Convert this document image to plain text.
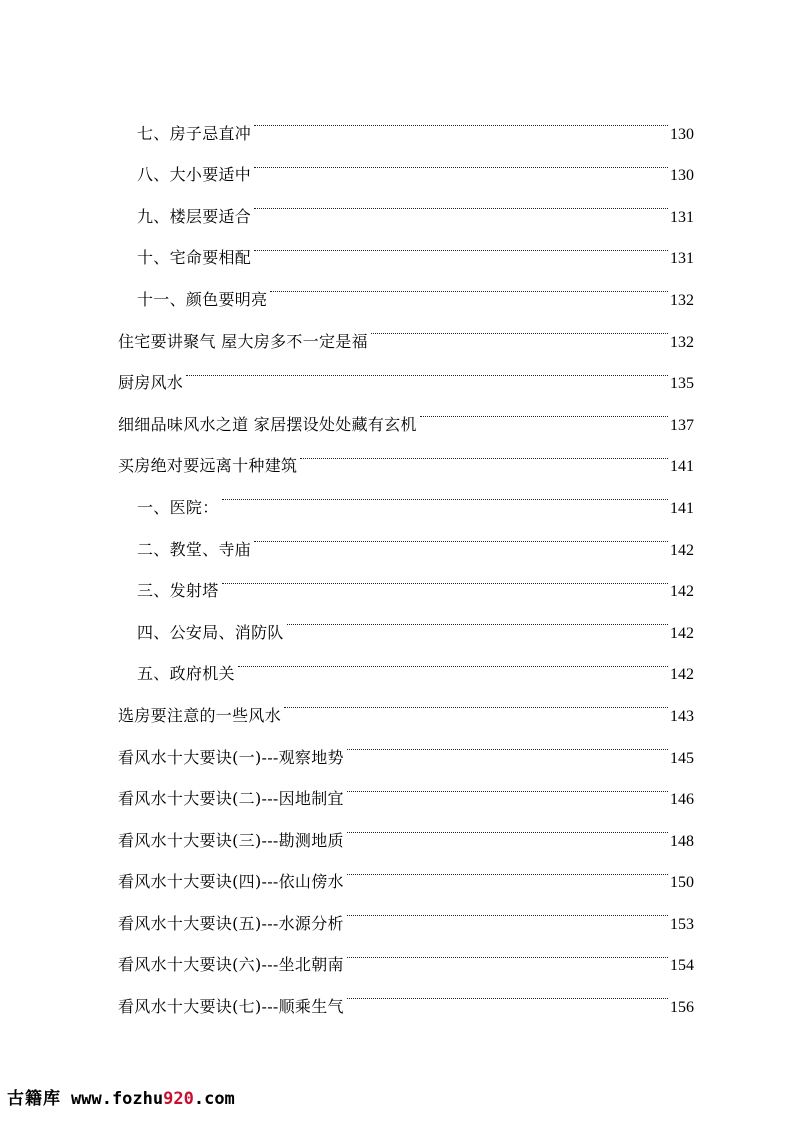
七、房子忌直冲	130
八、大小要适中	130
九、楼层要适合	131
十、宅命要相配	131
十一、颜色要明亮	132
住宅要讲聚气 屋大房多不一定是福	132
厨房风水	135
细细品味风水之道 家居摆设处处藏有玄机	137
买房绝对要远离十种建筑	141
一、医院：	141
二、教堂、寺庙	142
三、发射塔	142
四、公安局、消防队	142
五、政府机关	142
选房要注意的一些风水	143
看风水十大要诀(一)---观察地势	145
看风水十大要诀(二)---因地制宜	146
看风水十大要诀(三)---勘测地质	148
看风水十大要诀(四)---依山傍水	150
看风水十大要诀(五)---水源分析	153
看风水十大要诀(六)---坐北朝南	154
看风水十大要诀(七)---顺乘生气	156
古籍库 www.fozhu920.com
